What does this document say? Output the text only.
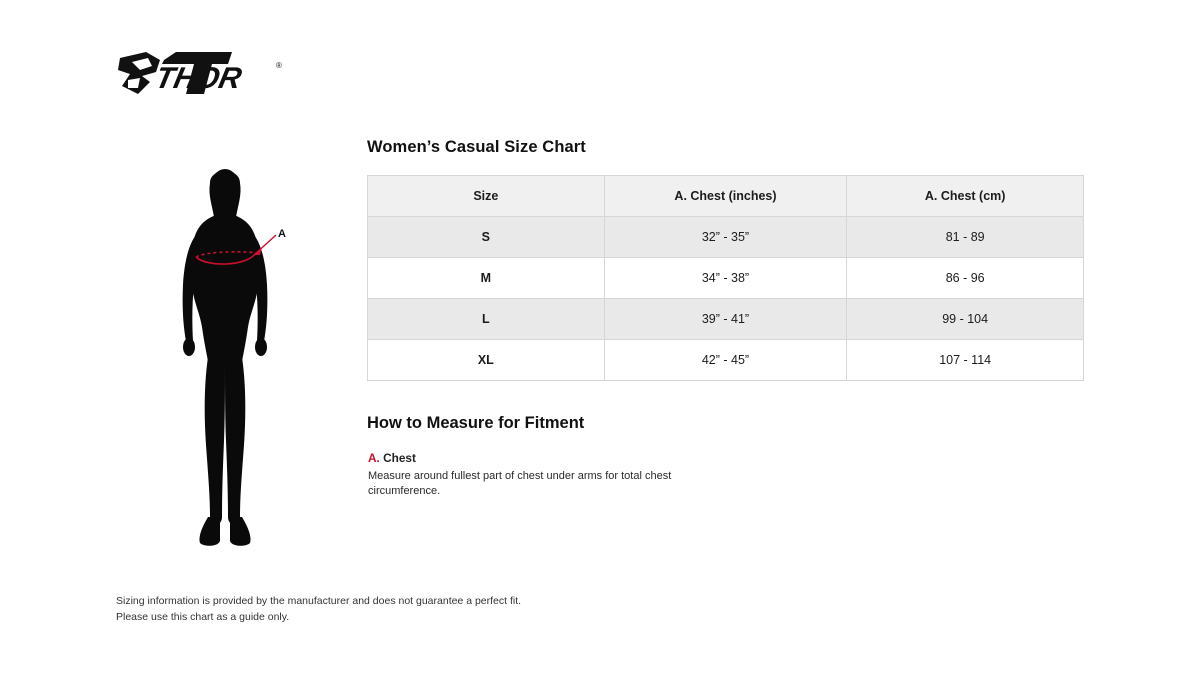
THOR	®
A
Women’s Casual Size Chart
Size	A. Chest (inches)	A. Chest (cm)
S	32” - 35”	81 - 89
M	34” - 38”	86 - 96
L	39” - 41”	99 - 104
XL	42” - 45”	107 - 114
How to Measure for Fitment
A. Chest
Measure around fullest part of chest under arms for total chest circumference.
Sizing information is provided by the manufacturer and does not guarantee a perfect fit.
Please use this chart as a guide only.
